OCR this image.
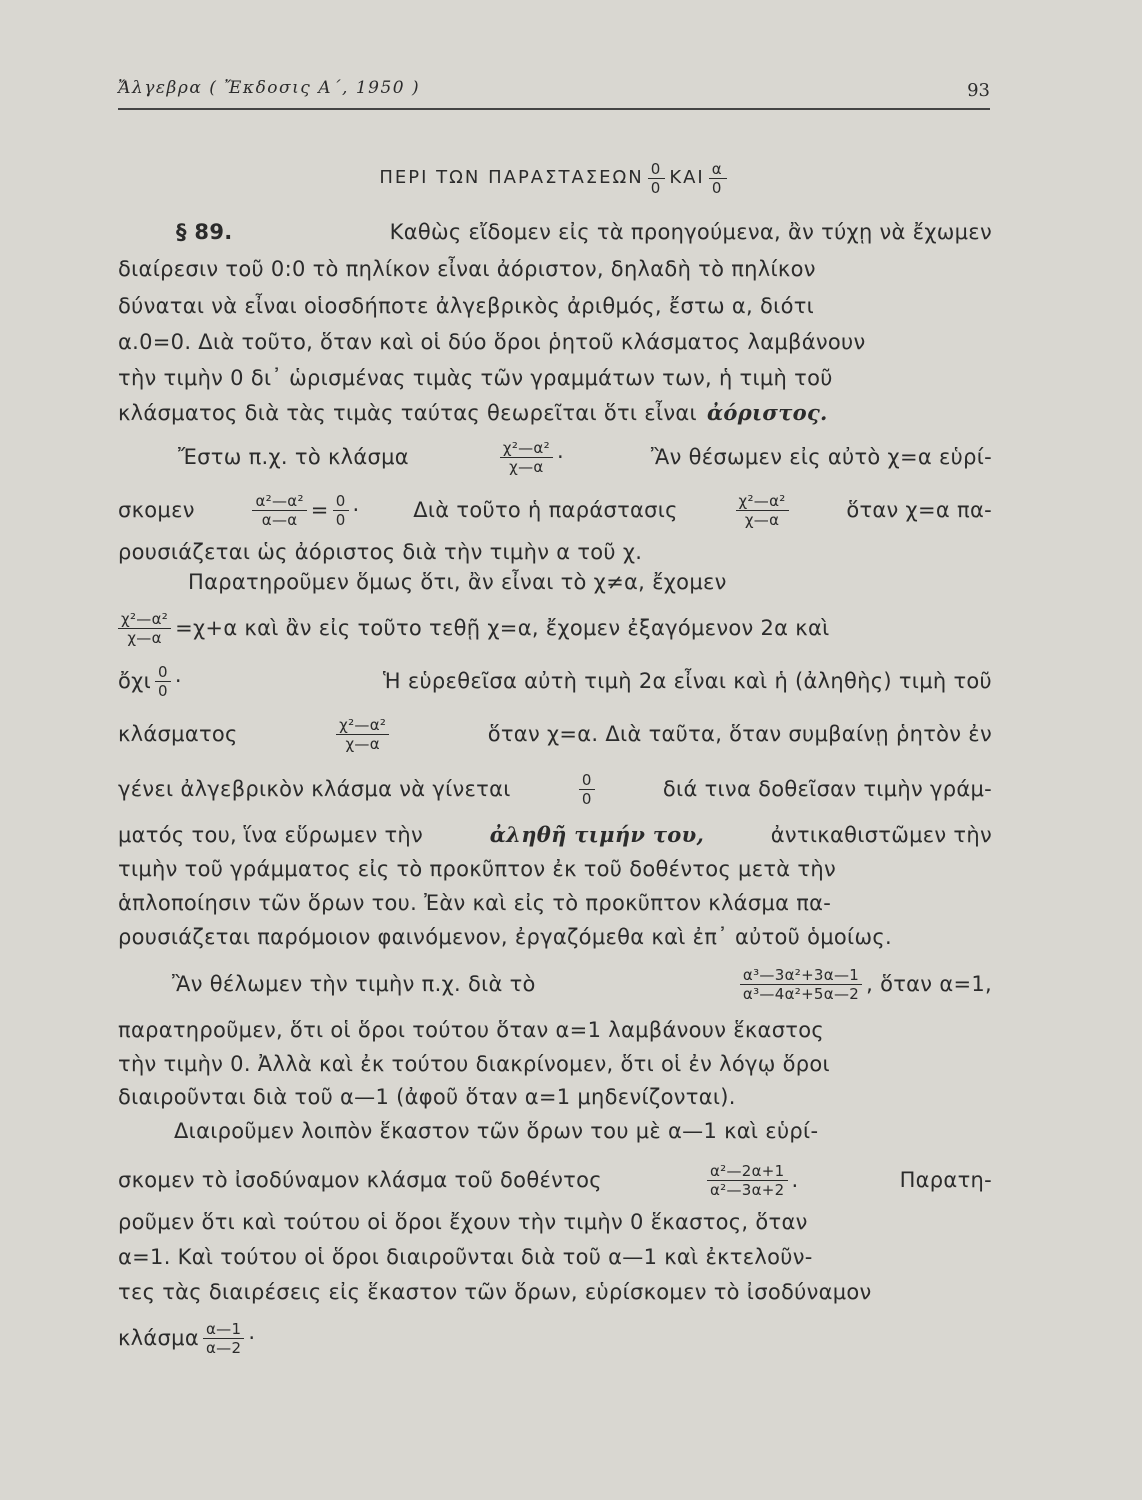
Ἄλγεβρα ( Ἔκδοσις Α΄, 1950 )	93
ΠΕΡΙ ΤΩΝ ΠΑΡΑΣΤΑΣΕΩΝ $\frac{0}{0}$ ΚΑΙ $\frac{\alpha}{0}$
§ 89.	Καθὼς εἴδομεν εἰς τὰ προηγούμενα, ἂν τύχῃ νὰ ἔχωμεν
διαίρεσιν τοῦ 0:0 τὸ πηλίκον εἶναι ἀόριστον, δηλαδὴ τὸ πηλίκον
δύναται νὰ εἶναι οἱοσδήποτε ἀλγεβρικὸς ἀριθμός, ἔστω α, διότι
α.0=0. Διὰ τοῦτο, ὅταν καὶ οἱ δύο ὅροι ῥητοῦ κλάσματος λαμβάνουν
τὴν τιμὴν 0 δι᾽ ὡρισμένας τιμὰς τῶν γραμμάτων των, ἡ τιμὴ τοῦ
κλάσματος διὰ τὰς τιμὰς ταύτας θεωρεῖται ὅτι εἶναι ἀόριστος.
Ἔστω π.χ. τὸ κλάσμα	$\frac{\text{χ²—α²}}{\chi—\alpha}$ ·	Ἂν θέσωμεν εἰς αὐτὸ χ=α εὑρί-
σκομεν	$\frac{\text{α²—α²}}{\alpha—\alpha} = \frac{0}{0}$ ·	Διὰ τοῦτο ἡ παράστασις	$\frac{\text{χ²—α²}}{\chi—\alpha}$	ὅταν χ=α πα-
ρουσιάζεται ὡς ἀόριστος διὰ τὴν τιμὴν α τοῦ χ.
Παρατηροῦμεν ὅμως ὅτι, ἂν εἶναι τὸ χ≠α, ἔχομεν
$\frac{\text{χ²—α²}}{\chi—\alpha} =\chi+\alpha$ καὶ ἂν εἰς τοῦτο τεθῇ χ=α, ἔχομεν ἐξαγόμενον 2α καὶ
ὄχι $\frac{0}{0}$ ·	Ἡ εὑρεθεῖσα αὐτὴ τιμὴ 2α εἶναι καὶ ἡ (ἀληθὴς) τιμὴ τοῦ
κλάσματος	$\frac{\text{χ²—α²}}{\chi—\alpha}$	ὅταν χ=α. Διὰ ταῦτα, ὅταν συμβαίνῃ ῥητὸν ἐν
γένει ἀλγεβρικὸν κλάσμα νὰ γίνεται	$\frac{0}{0}$	διά τινα δοθεῖσαν τιμὴν γράμ-
ματός του, ἵνα εὕρωμεν τὴν	ἀληθῆ τιμήν του,	ἀντικαθιστῶμεν τὴν
τιμὴν τοῦ γράμματος εἰς τὸ προκῦπτον ἐκ τοῦ δοθέντος μετὰ τὴν
ἁπλοποίησιν τῶν ὅρων του. Ἐὰν καὶ εἰς τὸ προκῦπτον κλάσμα πα-
ρουσιάζεται παρόμοιον φαινόμενον, ἐργαζόμεθα καὶ ἐπ᾽ αὐτοῦ ὁμοίως.
Ἂν θέλωμεν τὴν τιμὴν π.χ. διὰ τὸ	$\frac{\text{α³—3α²+3α—1}}{\text{α³—4α²+5α—2}}$ , ὅταν α=1,
παρατηροῦμεν, ὅτι οἱ ὅροι τούτου ὅταν α=1 λαμβάνουν ἕκαστος
τὴν τιμὴν 0. Ἀλλὰ καὶ ἐκ τούτου διακρίνομεν, ὅτι οἱ ἐν λόγῳ ὅροι
διαιροῦνται διὰ τοῦ α—1 (ἀφοῦ ὅταν α=1 μηδενίζονται).
Διαιροῦμεν λοιπὸν ἕκαστον τῶν ὅρων του μὲ α—1 καὶ εὑρί-
σκομεν τὸ ἰσοδύναμον κλάσμα τοῦ δοθέντος	$\frac{\text{α²—2α+1}}{\text{α²—3α+2}}$ .	Παρατη-
ροῦμεν ὅτι καὶ τούτου οἱ ὅροι ἔχουν τὴν τιμὴν 0 ἕκαστος, ὅταν
α=1. Καὶ τούτου οἱ ὅροι διαιροῦνται διὰ τοῦ α—1 καὶ ἐκτελοῦν-
τες τὰς διαιρέσεις εἰς ἕκαστον τῶν ὅρων, εὑρίσκομεν τὸ ἰσοδύναμον
κλάσμα $\frac{\alpha—1}{\alpha—2}$ ·
